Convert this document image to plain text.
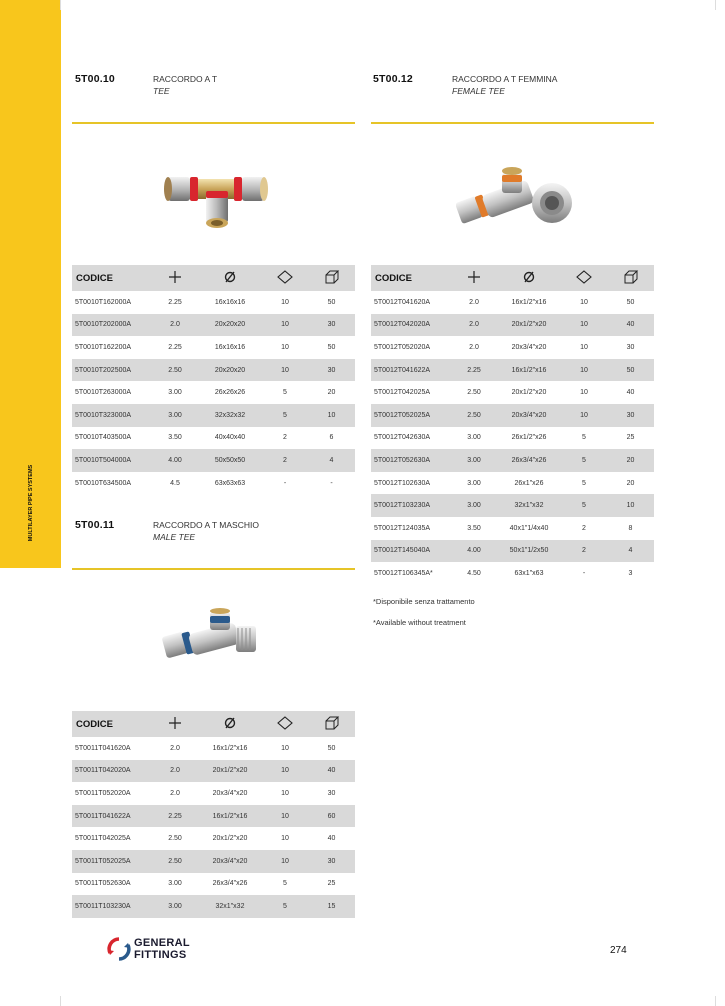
MULTILAYER PIPE SYSTEMS
5T00.10	RACCORDO A T
TEE
CODICE				
5T0010T162000A	2.25	16x16x16	10	50
5T0010T202000A	2.0	20x20x20	10	30
5T0010T162200A	2.25	16x16x16	10	50
5T0010T202500A	2.50	20x20x20	10	30
5T0010T263000A	3.00	26x26x26	5	20
5T0010T323000A	3.00	32x32x32	5	10
5T0010T403500A	3.50	40x40x40	2	6
5T0010T504000A	4.00	50x50x50	2	4
5T0010T634500A	4.5	63x63x63	-	-
5T00.12	RACCORDO A T FEMMINA
FEMALE TEE
CODICE				
5T0012T041620A	2.0	16x1/2"x16	10	50
5T0012T042020A	2.0	20x1/2"x20	10	40
5T0012T052020A	2.0	20x3/4"x20	10	30
5T0012T041622A	2.25	16x1/2"x16	10	50
5T0012T042025A	2.50	20x1/2"x20	10	40
5T0012T052025A	2.50	20x3/4"x20	10	30
5T0012T042630A	3.00	26x1/2"x26	5	25
5T0012T052630A	3.00	26x3/4"x26	5	20
5T0012T102630A	3.00	26x1"x26	5	20
5T0012T103230A	3.00	32x1"x32	5	10
5T0012T124035A	3.50	40x1"1/4x40	2	8
5T0012T145040A	4.00	50x1"1/2x50	2	4
5T0012T106345A*	4.50	63x1"x63	-	3
*Disponibile senza trattamento
*Available without treatment
5T00.11	RACCORDO A T MASCHIO
MALE TEE
CODICE				
5T0011T041620A	2.0	16x1/2"x16	10	50
5T0011T042020A	2.0	20x1/2"x20	10	40
5T0011T052020A	2.0	20x3/4"x20	10	30
5T0011T041622A	2.25	16x1/2"x16	10	60
5T0011T042025A	2.50	20x1/2"x20	10	40
5T0011T052025A	2.50	20x3/4"x20	10	30
5T0011T052630A	3.00	26x3/4"x26	5	25
5T0011T103230A	3.00	32x1"x32	5	15
GENERAL
FITTINGS	274
